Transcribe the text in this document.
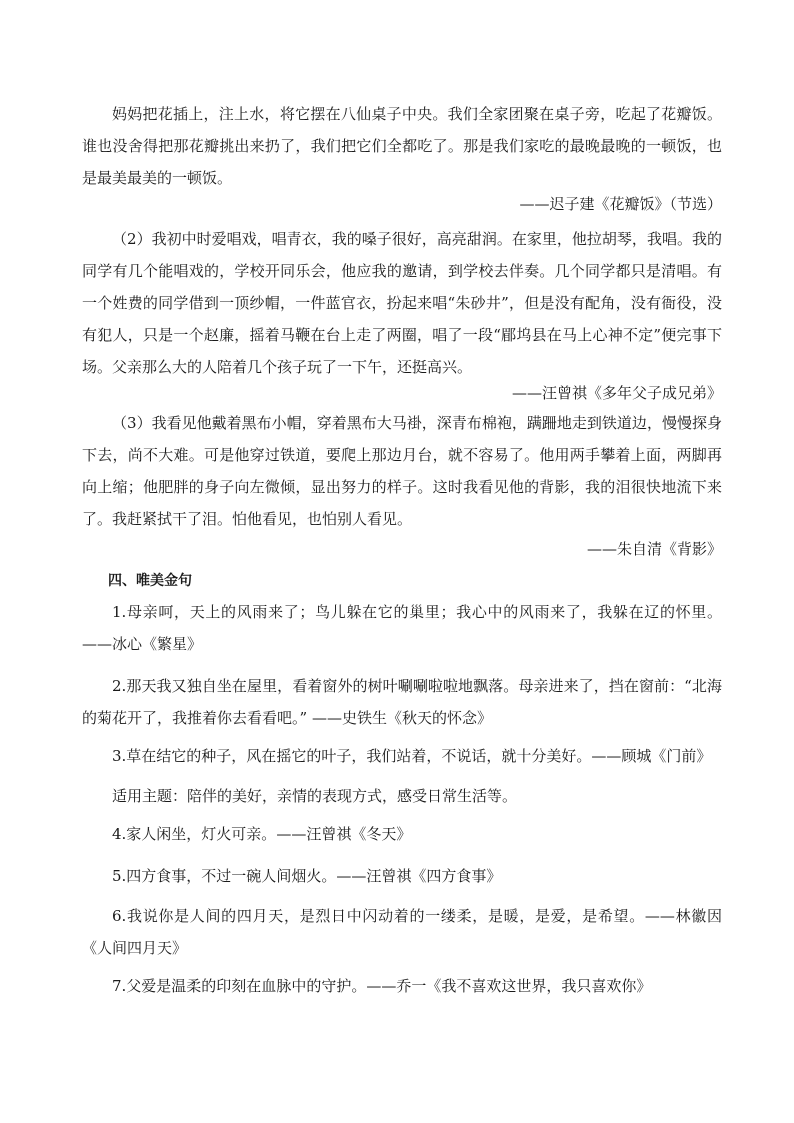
妈妈把花插上，注上水，将它摆在八仙桌子中央。我们全家团聚在桌子旁，吃起了花瓣饭。谁也没舍得把那花瓣挑出来扔了，我们把它们全都吃了。那是我们家吃的最晚最晚的一顿饭，也是最美最美的一顿饭。

——迟子建《花瓣饭》（节选）

（2）我初中时爱唱戏，唱青衣，我的嗓子很好，高亮甜润。在家里，他拉胡琴，我唱。我的同学有几个能唱戏的，学校开同乐会，他应我的邀请，到学校去伴奏。几个同学都只是清唱。有一个姓费的同学借到一顶纱帽，一件蓝官衣，扮起来唱“朱砂井”，但是没有配角，没有衙役，没有犯人，只是一个赵廉，摇着马鞭在台上走了两圈，唱了一段“郿坞县在马上心神不定”便完事下场。父亲那么大的人陪着几个孩子玩了一下午，还挺高兴。

——汪曾祺《多年父子成兄弟》

（3）我看见他戴着黑布小帽，穿着黑布大马褂，深青布棉袍，蹒跚地走到铁道边，慢慢探身下去，尚不大难。可是他穿过铁道，要爬上那边月台，就不容易了。他用两手攀着上面，两脚再向上缩；他肥胖的身子向左微倾，显出努力的样子。这时我看见他的背影，我的泪很快地流下来了。我赶紧拭干了泪。怕他看见，也怕别人看见。

——朱自清《背影》
四、唯美金句

1.母亲呵，天上的风雨来了；鸟儿躲在它的巢里；我心中的风雨来了，我躲在辽的怀里。——冰心《繁星》

2.那天我又独自坐在屋里，看着窗外的树叶唰唰啦啦地飘落。母亲进来了，挡在窗前：“北海的菊花开了，我推着你去看看吧。” ——史铁生《秋天的怀念》

3.草在结它的种子，风在摇它的叶子，我们站着，不说话，就十分美好。——顾城《门前》

适用主题：陪伴的美好，亲情的表现方式，感受日常生活等。

4.家人闲坐，灯火可亲。——汪曾祺《冬天》

5.四方食事，不过一碗人间烟火。——汪曾祺《四方食事》

6.我说你是人间的四月天，是烈日中闪动着的一缕柔，是暖，是爱，是希望。——林徽因《人间四月天》

7.父爱是温柔的印刻在血脉中的守护。——乔一《我不喜欢这世界，我只喜欢你》
